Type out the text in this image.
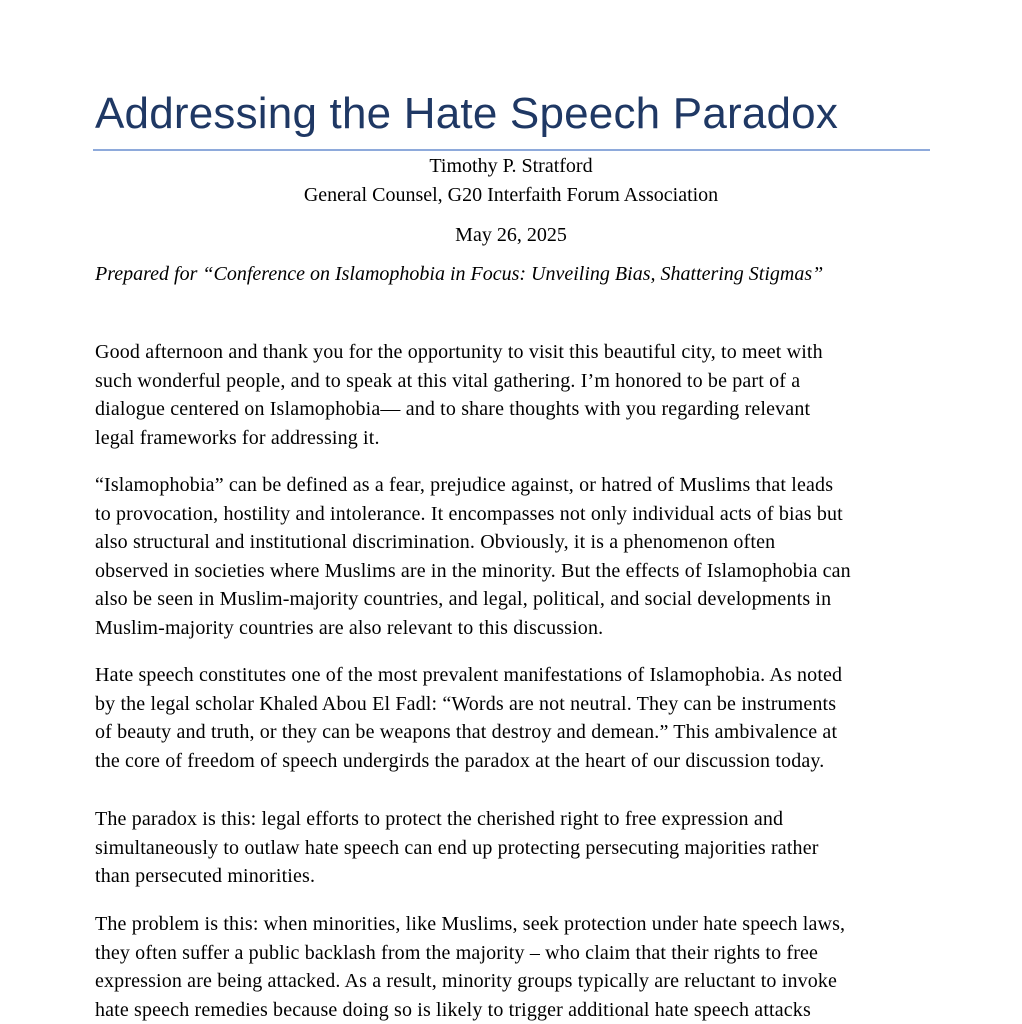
Addressing the Hate Speech Paradox
Timothy P. Stratford
General Counsel, G20 Interfaith Forum Association
May 26, 2025
Prepared for “Conference on Islamophobia in Focus: Unveiling Bias, Shattering Stigmas”
Good afternoon and thank you for the opportunity to visit this beautiful city, to meet with
such wonderful people, and to speak at this vital gathering. I’m honored to be part of a
dialogue centered on Islamophobia— and to share thoughts with you regarding relevant
legal frameworks for addressing it.
“Islamophobia” can be defined as a fear, prejudice against, or hatred of Muslims that leads
to provocation, hostility and intolerance. It encompasses not only individual acts of bias but
also structural and institutional discrimination. Obviously, it is a phenomenon often
observed in societies where Muslims are in the minority. But the effects of Islamophobia can
also be seen in Muslim-majority countries, and legal, political, and social developments in
Muslim-majority countries are also relevant to this discussion.
Hate speech constitutes one of the most prevalent manifestations of Islamophobia. As noted
by the legal scholar Khaled Abou El Fadl: “Words are not neutral. They can be instruments
of beauty and truth, or they can be weapons that destroy and demean.” This ambivalence at
the core of freedom of speech undergirds the paradox at the heart of our discussion today.
The paradox is this: legal efforts to protect the cherished right to free expression and
simultaneously to outlaw hate speech can end up protecting persecuting majorities rather
than persecuted minorities.
The problem is this: when minorities, like Muslims, seek protection under hate speech laws,
they often suffer a public backlash from the majority – who claim that their rights to free
expression are being attacked. As a result, minority groups typically are reluctant to invoke
hate speech remedies because doing so is likely to trigger additional hate speech attacks
